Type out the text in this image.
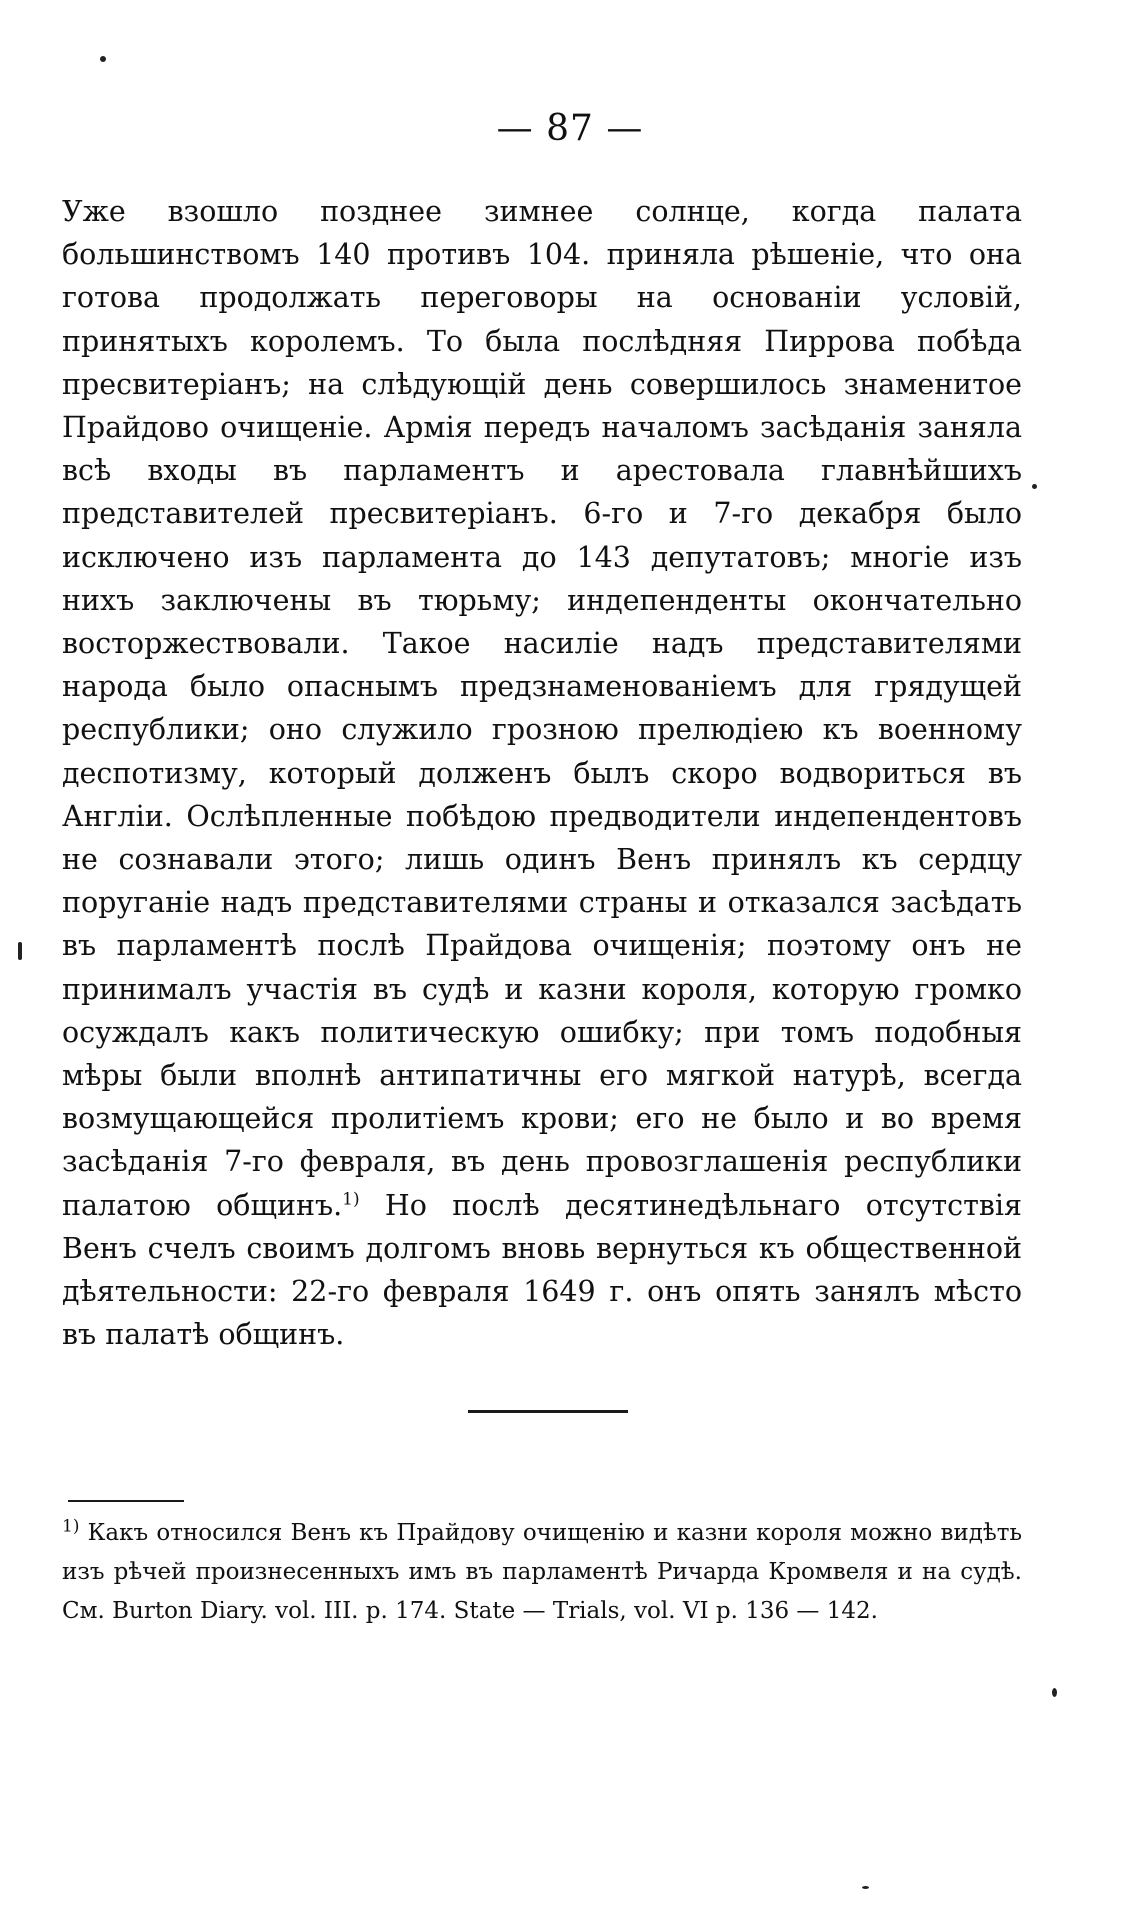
— 87 —

Уже взошло позднее зимнее солнце, когда палата большинствомъ 140 противъ 104. приняла рѣшеніе, что она готова продолжать переговоры на основаніи условій, принятыхъ королемъ. То была послѣдняя Пиррова побѣда пресвитеріанъ; на слѣдующій день совершилось знаменитое Прайдово очищеніе. Армія передъ началомъ засѣданія заняла всѣ входы въ парламентъ и арестовала главнѣйшихъ представителей пресвитеріанъ. 6-го и 7-го декабря было исключено изъ парламента до 143 депутатовъ; многіе изъ нихъ заключены въ тюрьму; индепенденты окончательно восторжествовали. Такое насиліе надъ представителями народа было опаснымъ предзнаменованіемъ для грядущей республики; оно служило грозною прелюдіею къ военному деспотизму, который долженъ былъ скоро водвориться въ Англіи. Ослѣпленные побѣдою предводители индепендентовъ не сознавали этого; лишь одинъ Венъ принялъ къ сердцу поруганіе надъ представителями страны и отказался засѣдать въ парламентѣ послѣ Прайдова очищенія; поэтому онъ не принималъ участія въ судѣ и казни короля, которую громко осуждалъ какъ политическую ошибку; при томъ подобныя мѣры были вполнѣ антипатичны его мягкой натурѣ, всегда возмущающейся пролитіемъ крови; его не было и во время засѣданія 7-го февраля, въ день провозглашенія республики палатою общинъ.$^{1)}$ Но послѣ десятинедѣльнаго отсутствія Венъ счелъ своимъ долгомъ вновь вернуться къ общественной дѣятельности: 22-го февраля 1649 г. онъ опять занялъ мѣсто въ палатѣ общинъ.

$^{1)}$ Какъ относился Венъ къ Прайдову очищенію и казни короля можно видѣть изъ рѣчей произнесенныхъ имъ въ парламентѣ Ричарда Кромвеля и на судѣ. См. Burton Diary. vol. III. p. 174. State — Trials, vol. VI p. 136 — 142.
